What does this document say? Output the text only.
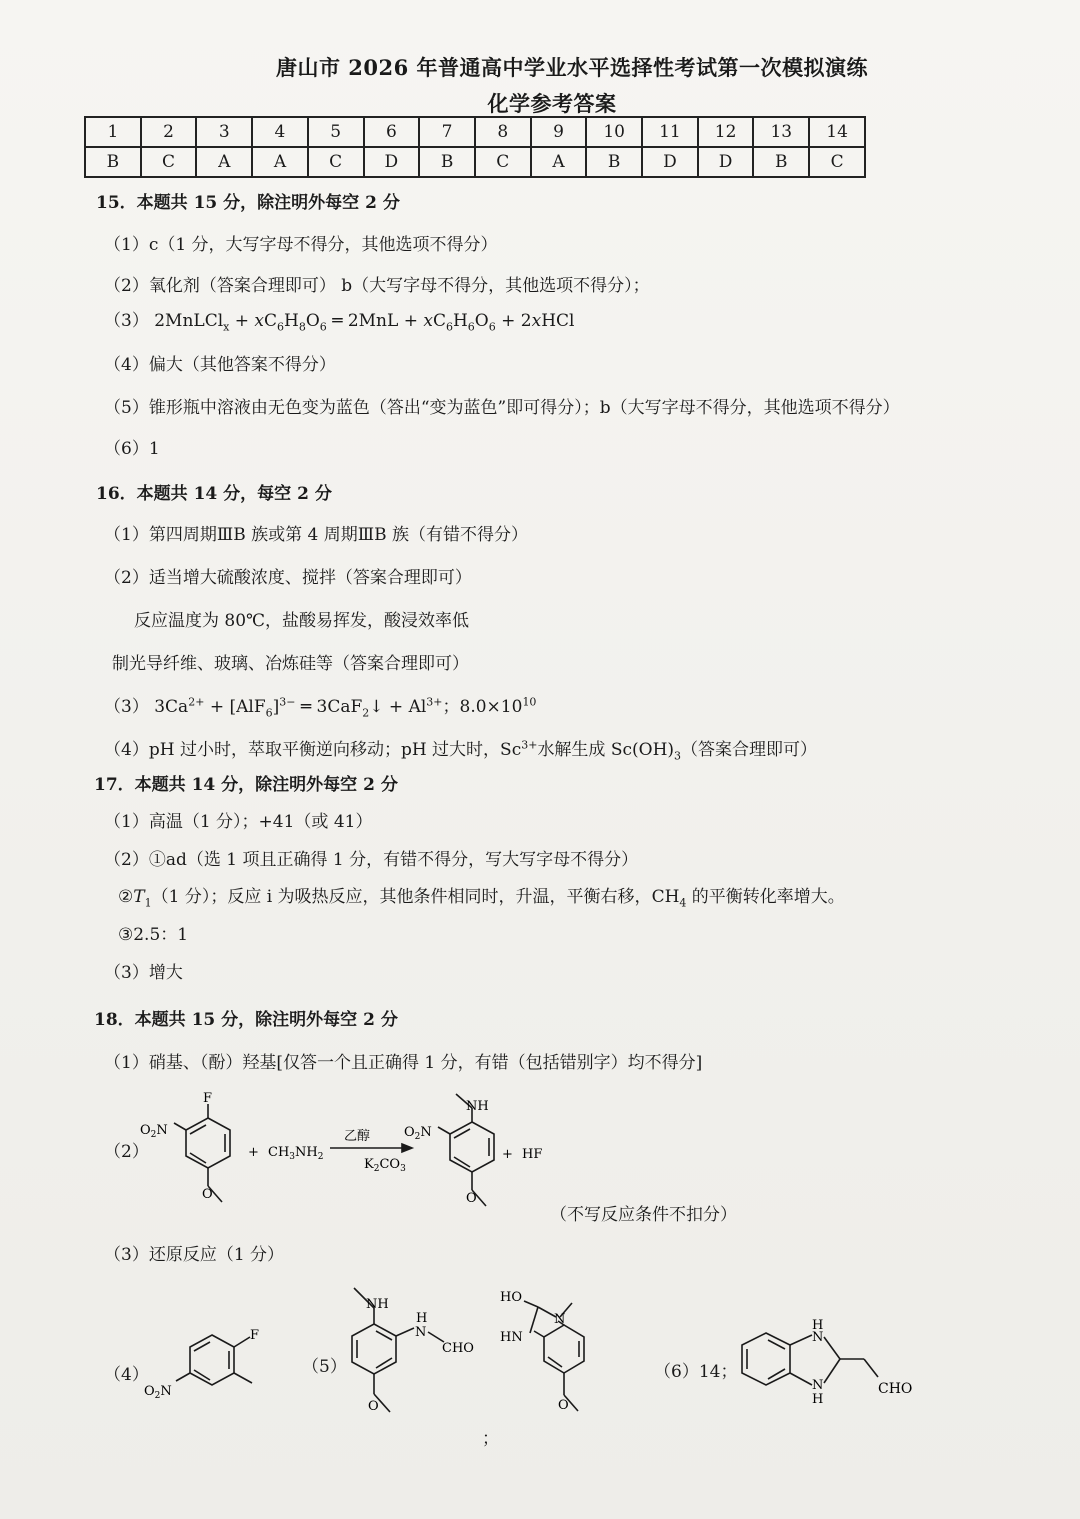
唐山市 2026 年普通高中学业水平选择性考试第一次模拟演练
化学参考答案
1	2	3	4	5	6	7	8	9	10	11	12	13	14
B	C	A	A	C	D	B	C	A	B	D	D	B	C
15．本题共 15 分，除注明外每空 2 分
（1）c（1 分，大写字母不得分，其他选项不得分）
（2）氧化剂（答案合理即可） b（大写字母不得分，其他选项不得分）；
（3） 2MnLCl$_x$ + $xC_6H_8O_6$ ═ $2MnL + xC_6H_6O_6$ + 2xHCl
（4）偏大（其他答案不得分）
（5）锥形瓶中溶液由无色变为蓝色（答出“变为蓝色”即可得分）；b（大写字母不得分，其他选项不得分）
（6）1
16．本题共 14 分，每空 2 分
（1）第四周期ⅢB 族或第 4 周期ⅢB 族（有错不得分）
（2）适当增大硫酸浓度、搅拌（答案合理即可）
反应温度为 80℃，盐酸易挥发，酸浸效率低
制光导纤维、玻璃、冶炼硅等（答案合理即可）
（3） $3Ca^{2+} + [AlF_6]^{3-}$ ═ 3CaF$_2$↓ + $Al^{3+}$；$8.0\times 10^{10}$
（4）pH 过小时，萃取平衡逆向移动；pH 过大时，$Sc^{3+}$水解生成 $Sc(OH)_3$（答案合理即可）
17．本题共 14 分，除注明外每空 2 分
（1）高温（1 分）；+41（或 41）
（2）①ad（选 1 项且正确得 1 分，有错不得分，写大写字母不得分）
$②T_1(1$ 分）；反应 i 为吸热反应，其他条件相同时，升温，平衡右移，$CH_4$ 的平衡转化率增大。
③2.5：1
（3）增大
18．本题共 15 分，除注明外每空 2 分
（1）硝基、（酚）羟基[仅答一个且正确得 1 分，有错（包括错别字）均不得分]
（2）
F
$O_2N$
O
+ $CH_3NH_2$
乙醇
$K_2CO_3$
NH
$O_2N$
O
+ HF
（不写反应条件不扣分）
（3）还原反应（1 分）
（4）
F
$O_2N$
（5）
NH
H
N
CHO
O
HO
N
HN
O
；
（6）14；
H
N
N
H
CHO
